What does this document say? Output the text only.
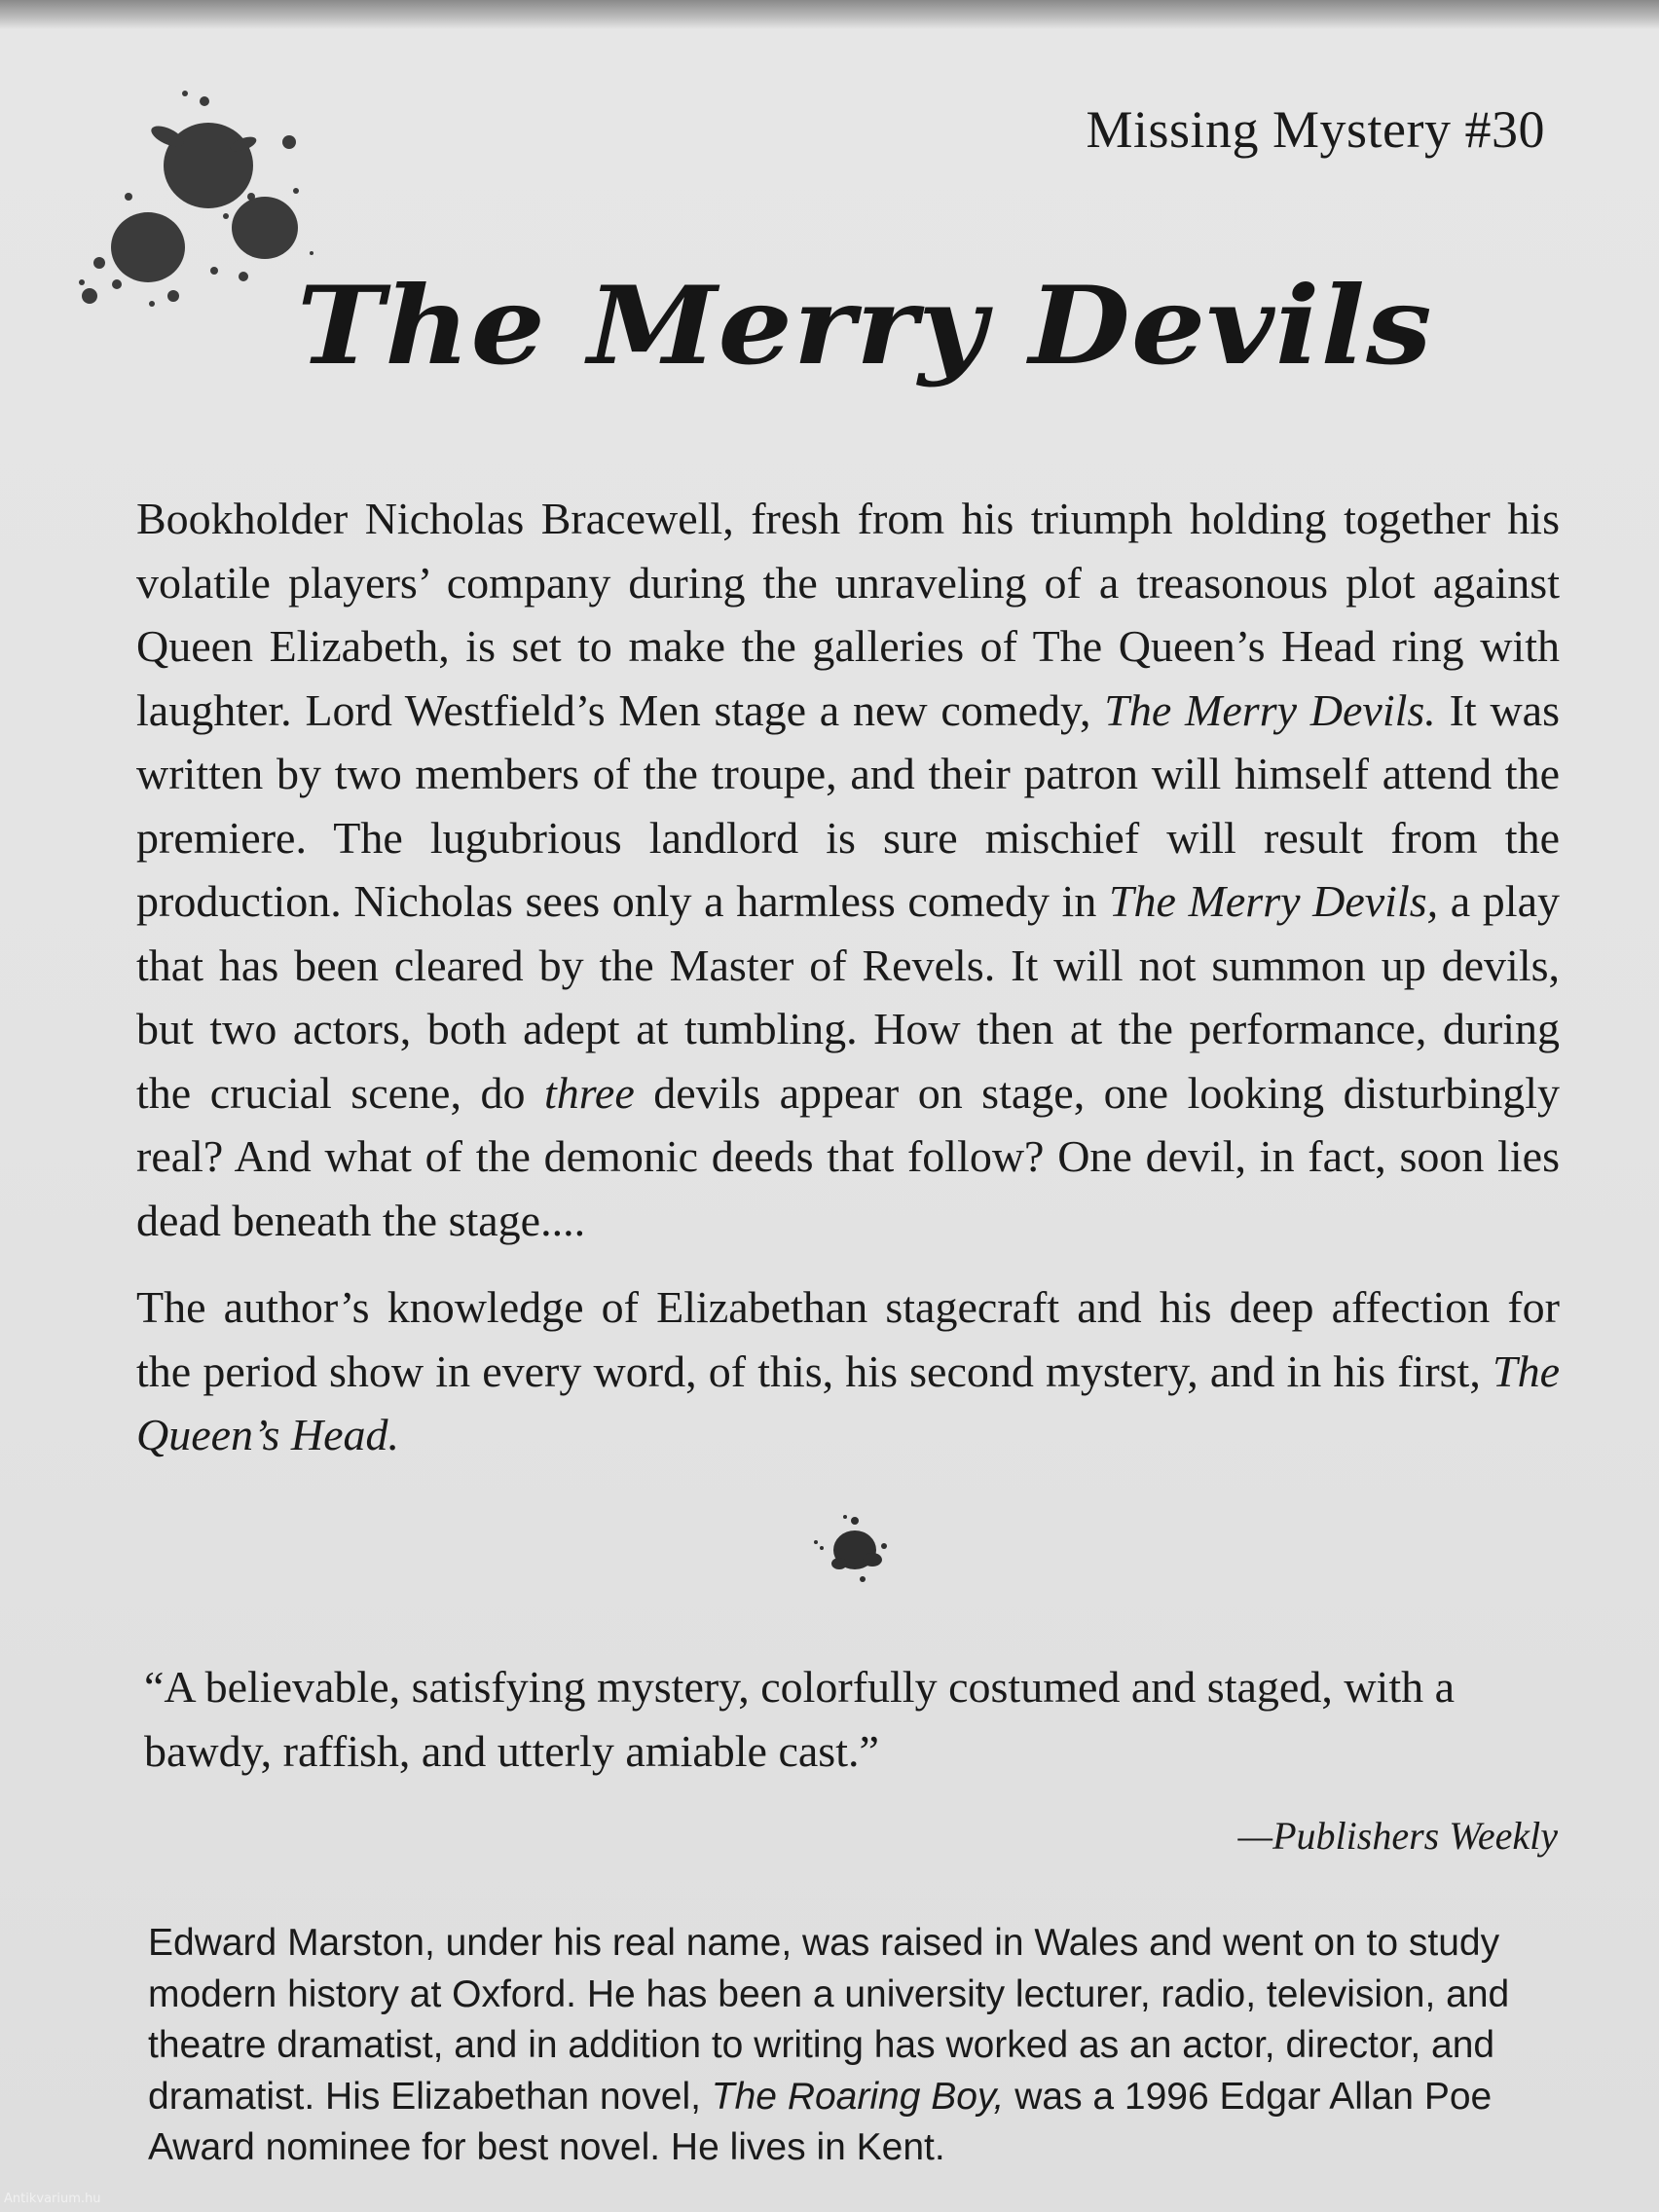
Missing Mystery #30
The Merry Devils

Bookholder Nicholas Bracewell, fresh from his triumph holding together his volatile players’ company during the unraveling of a treasonous plot against Queen Elizabeth, is set to make the galleries of The Queen’s Head ring with laughter. Lord Westfield’s Men stage a new comedy, The Merry Devils. It was written by two members of the troupe, and their patron will himself attend the premiere. The lugubrious landlord is sure mischief will result from the production. Nicholas sees only a harmless comedy in The Merry Devils, a play that has been cleared by the Master of Revels. It will not summon up devils, but two actors, both adept at tumbling. How then at the performance, during the crucial scene, do three devils appear on stage, one looking disturbingly real? And what of the demonic deeds that follow? One devil, in fact, soon lies dead beneath the stage....

The author’s knowledge of Elizabethan stagecraft and his deep affection for the period show in every word, of this, his second mystery, and in his first, The Queen’s Head.

“A believable, satisfying mystery, colorfully costumed and staged, with a bawdy, raffish, and utterly amiable cast.”

—Publishers Weekly

Edward Marston, under his real name, was raised in Wales and went on to study modern history at Oxford. He has been a university lecturer, radio, television, and theatre dramatist, and in addition to writing has worked as an actor, director, and dramatist. His Elizabethan novel, The Roaring Boy, was a 1996 Edgar Allan Poe Award nominee for best novel. He lives in Kent.

Antikvarium.hu
